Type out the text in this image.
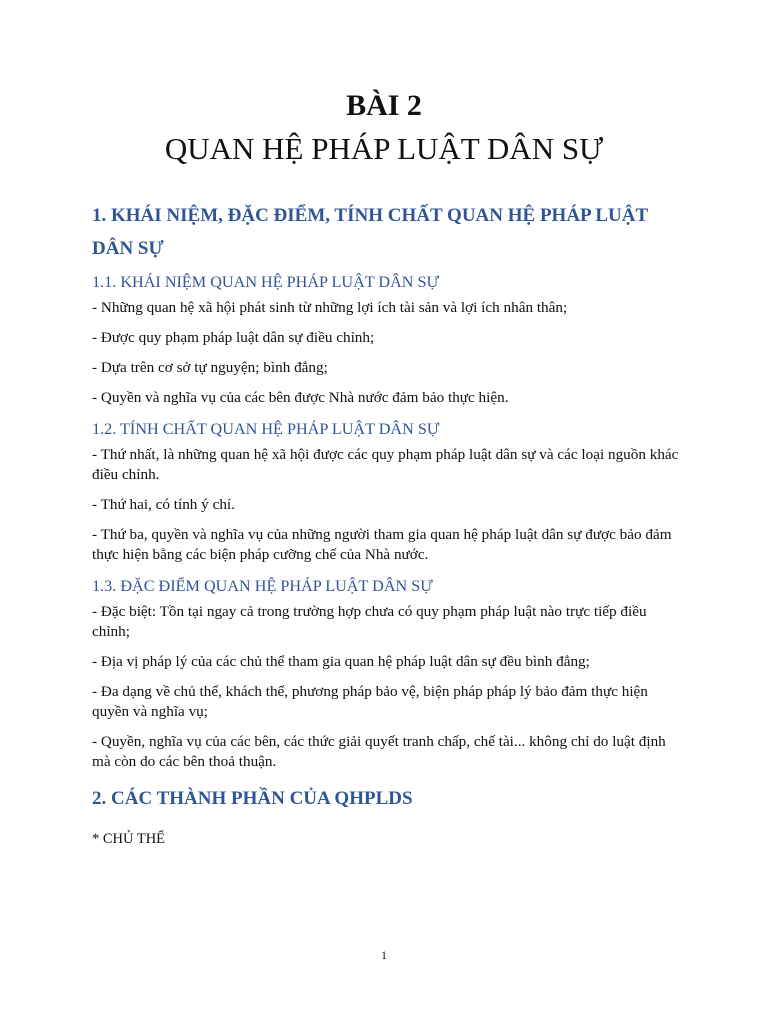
BÀI 2
QUAN HỆ PHÁP LUẬT DÂN SỰ
1. KHÁI NIỆM, ĐẶC ĐIỂM, TÍNH CHẤT QUAN HỆ PHÁP LUẬT DÂN SỰ
1.1. KHÁI NIỆM QUAN HỆ PHÁP LUẬT DÂN SỰ
- Những quan hệ xã hội phát sinh từ những lợi ích tài sản và lợi ích nhân thân;
- Được quy phạm pháp luật dân sự điều chỉnh;
- Dựa trên cơ sở tự nguyện; bình đẳng;
- Quyền và nghĩa vụ của các bên được Nhà nước đảm bảo thực hiện.
1.2. TÍNH CHẤT QUAN HỆ PHÁP LUẬT DÂN SỰ
- Thứ nhất, là những quan hệ xã hội được các quy phạm pháp luật dân sự và các loại nguồn khác điều chỉnh.
- Thứ hai, có tính ý chí.
- Thứ ba, quyền và nghĩa vụ của những người tham gia quan hệ pháp luật dân sự được bảo đảm thực hiện bằng các biện pháp cưỡng chế của Nhà nước.
1.3. ĐẶC ĐIỂM QUAN HỆ PHÁP LUẬT DÂN SỰ
- Đặc biệt: Tồn tại ngay cả trong trường hợp chưa có quy phạm pháp luật nào trực tiếp điều chỉnh;
- Địa vị pháp lý của các chủ thể tham gia quan hệ pháp luật dân sự đều bình đẳng;
- Đa dạng về chủ thể, khách thể, phương pháp bảo vệ, biện pháp pháp lý bảo đảm thực hiện quyền và nghĩa vụ;
- Quyền, nghĩa vụ của các bên, các thức giải quyết tranh chấp, chế tài... không chỉ do luật định mà còn do các bên thoả thuận.
2. CÁC THÀNH PHẦN CỦA QHPLDS
* CHỦ THỂ
1
